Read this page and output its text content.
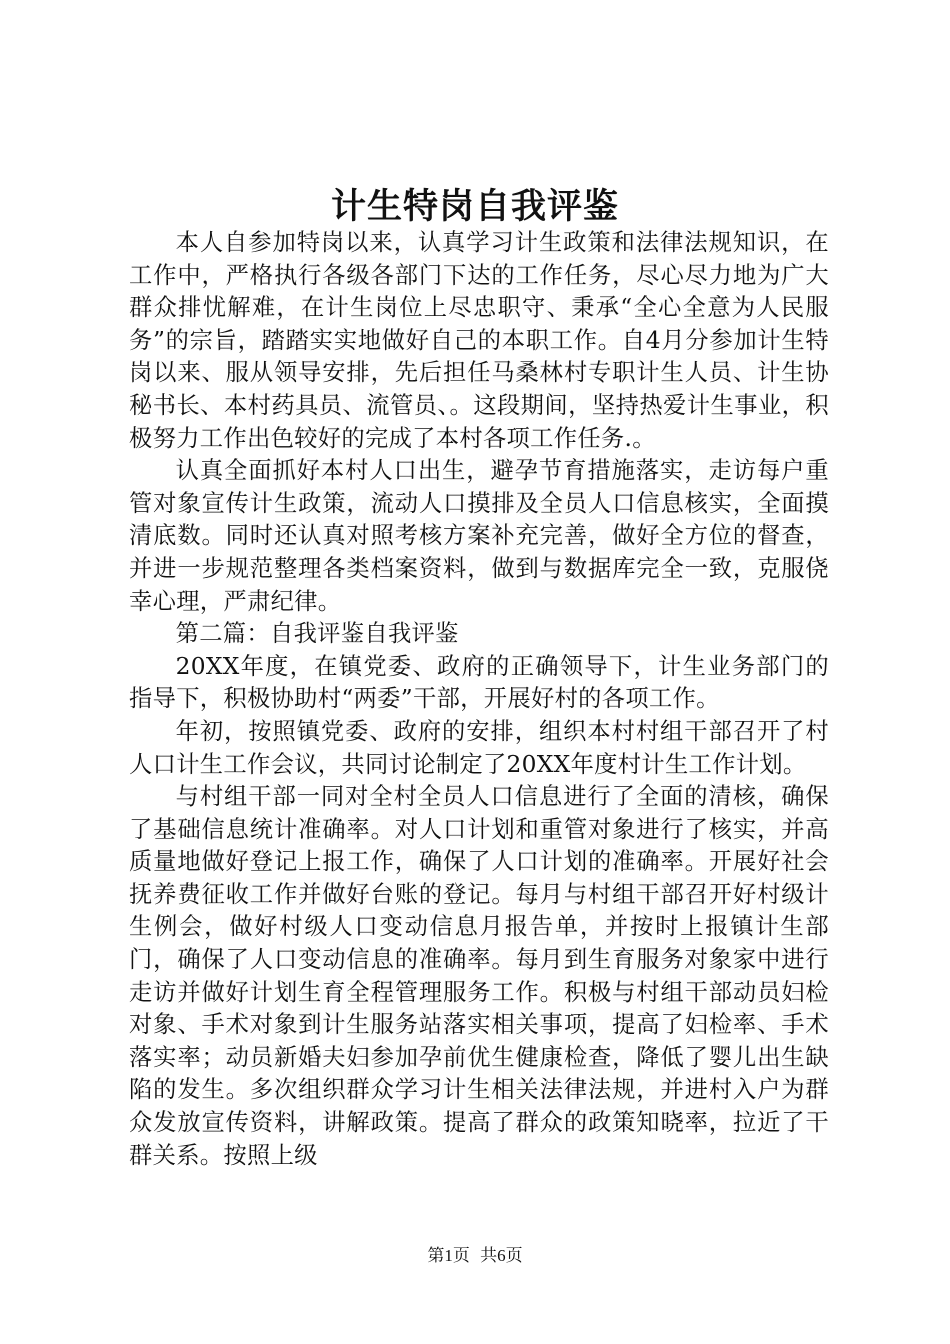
计生特岗自我评鉴

本人自参加特岗以来，认真学习计生政策和法律法规知识，在工作中，严格执行各级各部门下达的工作任务，尽心尽力地为广大群众排忧解难，在计生岗位上尽忠职守、秉承“全心全意为人民服务”的宗旨，踏踏实实地做好自己的本职工作。自4月分参加计生特岗以来、服从领导安排，先后担任马桑林村专职计生人员、计生协秘书长、本村药具员、流管员、。这段期间，坚持热爱计生事业，积极努力工作出色较好的完成了本村各项工作任务.。

认真全面抓好本村人口出生，避孕节育措施落实，走访每户重管对象宣传计生政策，流动人口摸排及全员人口信息核实，全面摸清底数。同时还认真对照考核方案补充完善，做好全方位的督查，并进一步规范整理各类档案资料，做到与数据库完全一致，克服侥幸心理，严肃纪律。

第二篇：自我评鉴自我评鉴

20XX年度，在镇党委、政府的正确领导下，计生业务部门的指导下，积极协助村“两委”干部，开展好村的各项工作。

年初，按照镇党委、政府的安排，组织本村村组干部召开了村人口计生工作会议，共同讨论制定了20XX年度村计生工作计划。

与村组干部一同对全村全员人口信息进行了全面的清核，确保了基础信息统计准确率。对人口计划和重管对象进行了核实，并高质量地做好登记上报工作，确保了人口计划的准确率。开展好社会抚养费征收工作并做好台账的登记。每月与村组干部召开好村级计生例会，做好村级人口变动信息月报告单，并按时上报镇计生部门，确保了人口变动信息的准确率。每月到生育服务对象家中进行走访并做好计划生育全程管理服务工作。积极与村组干部动员妇检对象、手术对象到计生服务站落实相关事项，提高了妇检率、手术落实率；动员新婚夫妇参加孕前优生健康检查，降低了婴儿出生缺陷的发生。多次组织群众学习计生相关法律法规，并进村入户为群众发放宣传资料，讲解政策。提高了群众的政策知晓率，拉近了干群关系。按照上级

第1页 共6页
